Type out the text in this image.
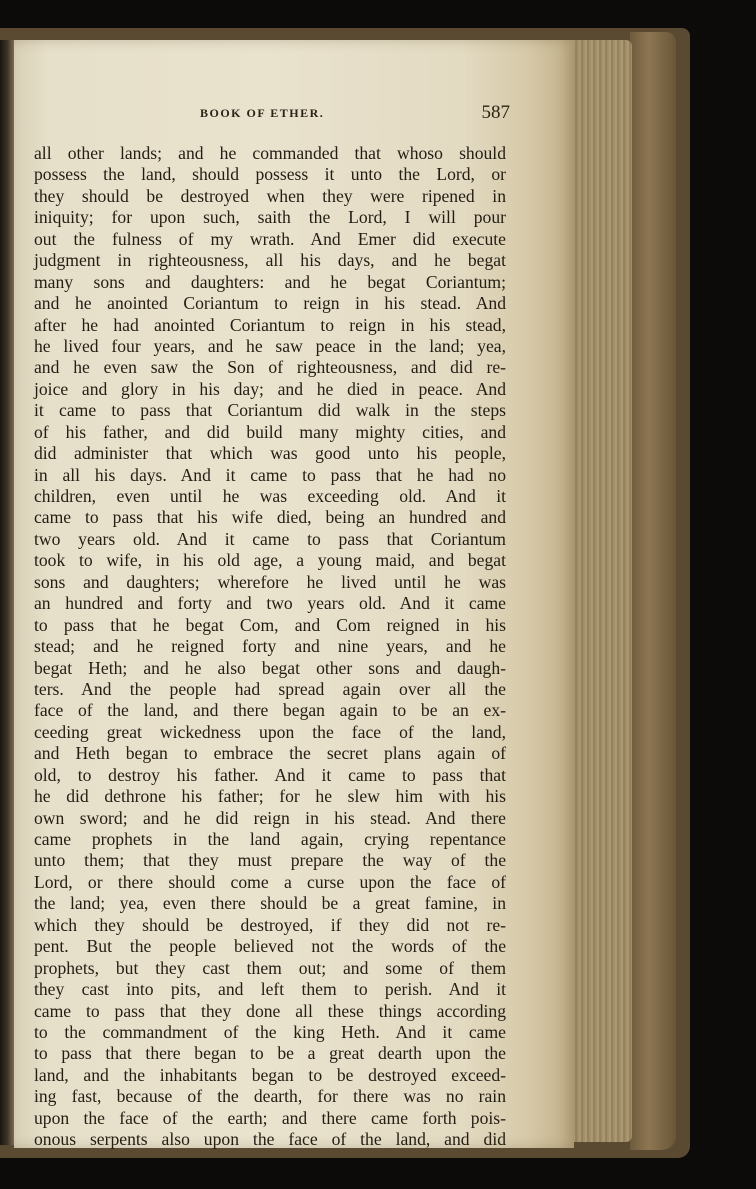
BOOK OF ETHER.	587
all other lands; and he commanded that whoso should
possess the land, should possess it unto the Lord, or
they should be destroyed when they were ripened in
iniquity; for upon such, saith the Lord, I will pour
out the fulness of my wrath. And Emer did execute
judgment in righteousness, all his days, and he begat
many sons and daughters: and he begat Coriantum;
and he anointed Coriantum to reign in his stead. And
after he had anointed Coriantum to reign in his stead,
he lived four years, and he saw peace in the land; yea,
and he even saw the Son of righteousness, and did re-
joice and glory in his day; and he died in peace. And
it came to pass that Coriantum did walk in the steps
of his father, and did build many mighty cities, and
did administer that which was good unto his people,
in all his days. And it came to pass that he had no
children, even until he was exceeding old. And it
came to pass that his wife died, being an hundred and
two years old. And it came to pass that Coriantum
took to wife, in his old age, a young maid, and begat
sons and daughters; wherefore he lived until he was
an hundred and forty and two years old. And it came
to pass that he begat Com, and Com reigned in his
stead; and he reigned forty and nine years, and he
begat Heth; and he also begat other sons and daugh-
ters. And the people had spread again over all the
face of the land, and there began again to be an ex-
ceeding great wickedness upon the face of the land,
and Heth began to embrace the secret plans again of
old, to destroy his father. And it came to pass that
he did dethrone his father; for he slew him with his
own sword; and he did reign in his stead. And there
came prophets in the land again, crying repentance
unto them; that they must prepare the way of the
Lord, or there should come a curse upon the face of
the land; yea, even there should be a great famine, in
which they should be destroyed, if they did not re-
pent. But the people believed not the words of the
prophets, but they cast them out; and some of them
they cast into pits, and left them to perish. And it
came to pass that they done all these things according
to the commandment of the king Heth. And it came
to pass that there began to be a great dearth upon the
land, and the inhabitants began to be destroyed exceed-
ing fast, because of the dearth, for there was no rain
upon the face of the earth; and there came forth pois-
onous serpents also upon the face of the land, and did
